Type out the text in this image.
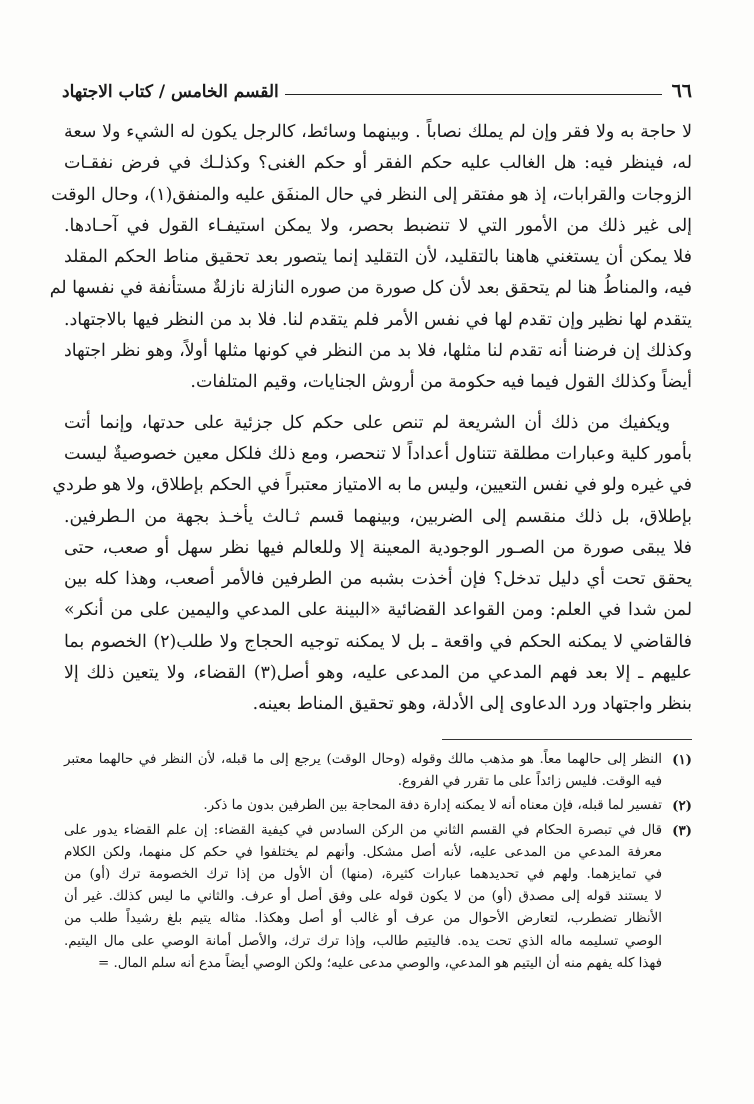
٦٦
القسم الخامس / كتاب الاجتهاد

لا حاجة به ولا فقر وإن لم يملك نصاباً . وبينهما وسائط، كالرجل يكون له الشيء ولا سعة
له، فينظر فيه: هل الغالب عليه حكم الفقر أو حكم الغنى؟ وكذلـك في فرض نفقـات
الزوجات والقرابات، إذ هو مفتقر إلى النظر في حال المنفَق عليه والمنفق(١)، وحال الوقت
إلى غير ذلك من الأمور التي لا تنضبط بحصر، ولا يمكن استيفـاء القول في آحـادها.

فلا يمكن أن يستغني هاهنا بالتقليد، لأن التقليد إنما يتصور بعد تحقيق مناط الحكم المقلد
فيه، والمناطُ هنا لم يتحقق بعد لأن كل صورة من صوره النازلة نازلةٌ مستأنفة في نفسها لم
يتقدم لها نظير وإن تقدم لها في نفس الأمر فلم يتقدم لنا. فلا بد من النظر فيها بالاجتهاد.
وكذلك إن فرضنا أنه تقدم لنا مثلها، فلا بد من النظر في كونها مثلها أولاً، وهو نظر اجتهاد
أيضاً وكذلك القول فيما فيه حكومة من أروش الجنايات، وقيم المتلفات.

ويكفيك من ذلك أن الشريعة لم تنص على حكم كل جزئية على حدتها، وإنما أتت
بأمور كلية وعبارات مطلقة تتناول أعداداً لا تنحصر، ومع ذلك فلكل معين خصوصيةٌ ليست
في غيره ولو في نفس التعيين، وليس ما به الامتياز معتبراً في الحكم بإطلاق، ولا هو طردي
بإطلاق، بل ذلك منقسم إلى الضربين، وبينهما قسم ثـالث يأخـذ بجهة من الـطرفين.
فلا يبقى صورة من الصـور الوجودية المعينة إلا وللعالم فيها نظر سهل أو صعب، حتى
يحقق تحت أي دليل تدخل؟ فإن أخذت بشبه من الطرفين فالأمر أصعب، وهذا كله بين
لمن شدا في العلم: ومن القواعد القضائية «البينة على المدعي واليمين على من أنكر»
فالقاضي لا يمكنه الحكم في واقعة ـ بل لا يمكنه توجيه الحجاج ولا طلب(٢) الخصوم بما
عليهم ـ إلا بعد فهم المدعي من المدعى عليه، وهو أصل(٣) القضاء، ولا يتعين ذلك إلا
بنظر واجتهاد ورد الدعاوى إلى الأدلة، وهو تحقيق المناط بعينه.

(١)
النظر إلى حالهما معاً. هو مذهب مالك وقوله (وحال الوقت) يرجع إلى ما قبله، لأن النظر في حالهما معتبر
فيه الوقت. فليس زائداً على ما تقرر في الفروع.
(٢)
تفسير لما قبله، فإن معناه أنه لا يمكنه إدارة دفة المحاجة بين الطرفين بدون ما ذكر.
(٣)
قال في تبصرة الحكام في القسم الثاني من الركن السادس في كيفية القضاء: إن علم القضاء يدور على
معرفة المدعي من المدعى عليه، لأنه أصل مشكل. وأنهم لم يختلفوا في حكم كل منهما، ولكن الكلام
في تمايزهما. ولهم في تحديدهما عبارات كثيرة، (منها) أن الأول من إذا ترك الخصومة ترك (أو) من
لا يستند قوله إلى مصدق (أو) من لا يكون قوله على وفق أصل أو عرف. والثاني ما ليس كذلك. غير أن
الأنظار تضطرب، لتعارض الأحوال من عرف أو غالب أو أصل وهكذا. مثاله يتيم بلغ رشيداً طلب من
الوصي تسليمه ماله الذي تحت يده. فاليتيم طالب، وإذا ترك ترك، والأصل أمانة الوصي على مال اليتيم.
فهذا كله يفهم منه أن اليتيم هو المدعي، والوصي مدعى عليه؛ ولكن الوصي أيضاً مدع أنه سلم المال. =
